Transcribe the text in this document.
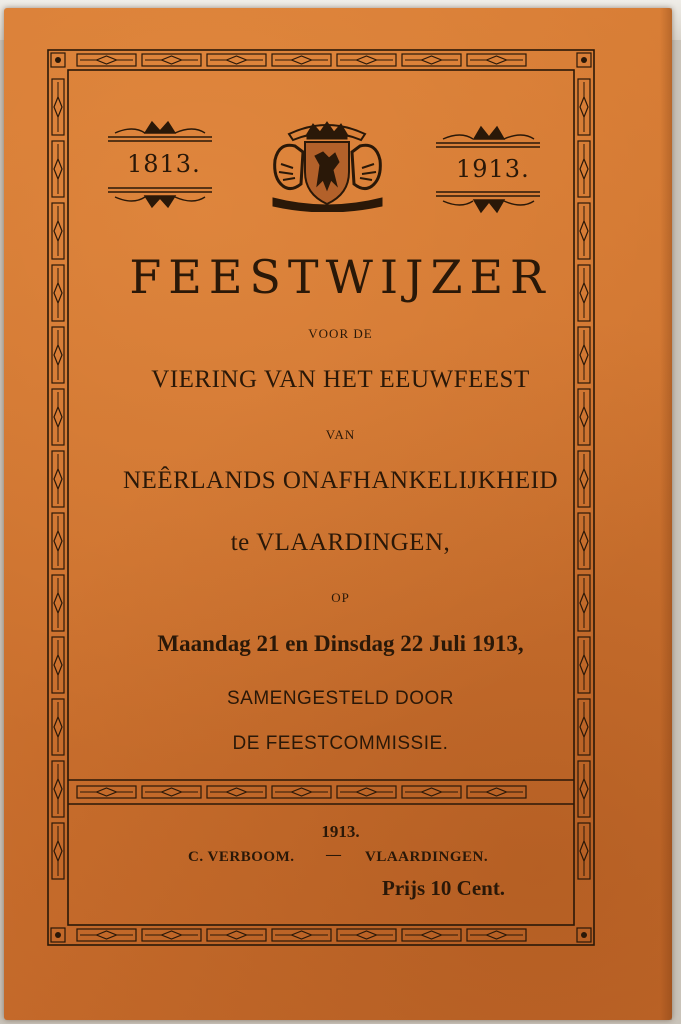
1813.	1913.
FEESTWIJZER
VOOR DE
VIERING VAN HET EEUWFEEST
VAN
NEÊRLANDS ONAFHANKELIJKHEID
te VLAARDINGEN,
OP
Maandag 21 en Dinsdag 22 Juli 1913,
SAMENGESTELD DOOR
DE FEESTCOMMISSIE.
1913.
C. VERBOOM. — VLAARDINGEN.
Prijs 10 Cent.
